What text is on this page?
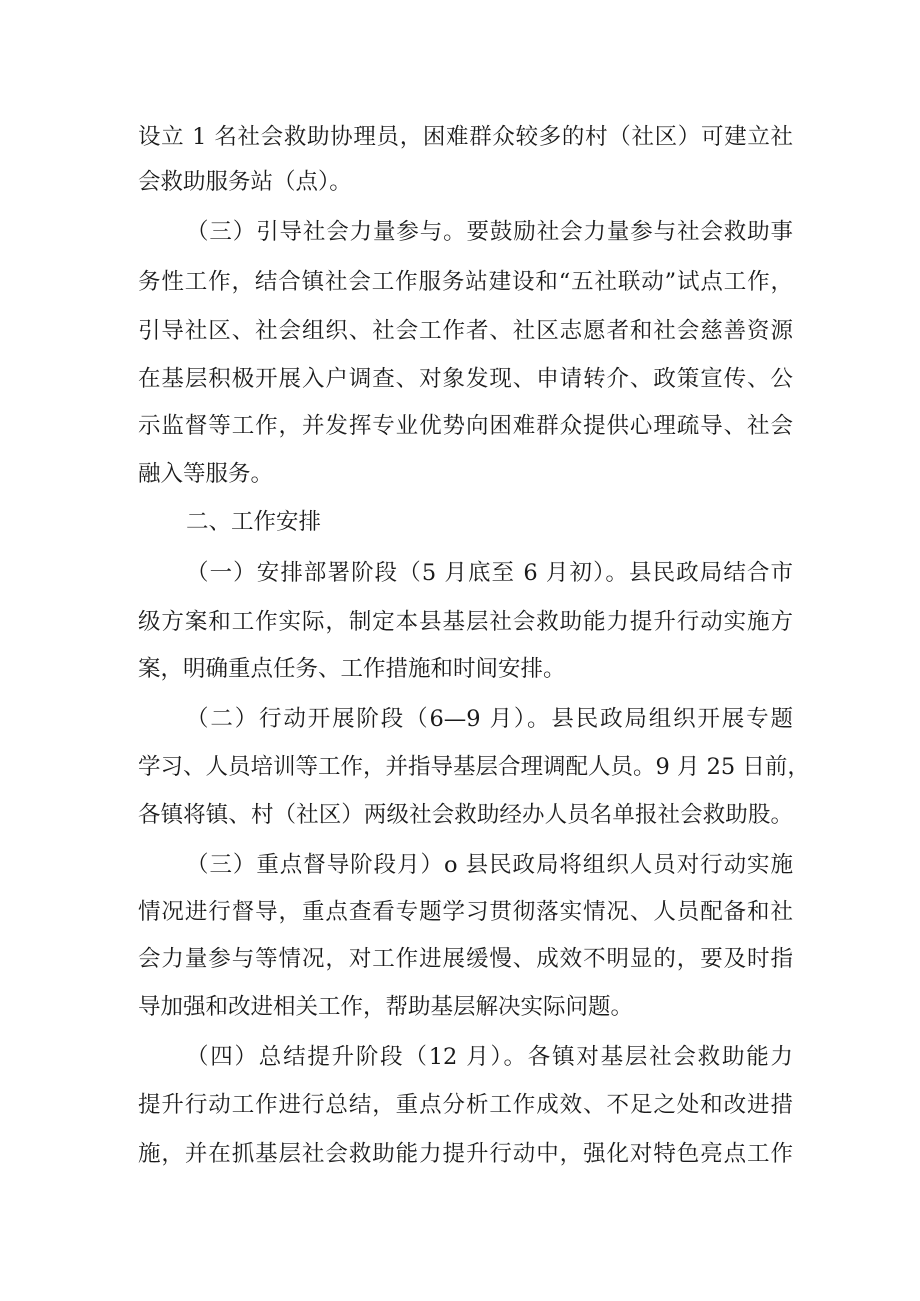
设立 1 名社会救助协理员，困难群众较多的村（社区）可建立社
会救助服务站（点）。
（三）引导社会力量参与。要鼓励社会力量参与社会救助事
务性工作，结合镇社会工作服务站建设和“五社联动”试点工作，
引导社区、社会组织、社会工作者、社区志愿者和社会慈善资源
在基层积极开展入户调查、对象发现、申请转介、政策宣传、公
示监督等工作，并发挥专业优势向困难群众提供心理疏导、社会
融入等服务。
二、工作安排
（一）安排部署阶段（5 月底至 6 月初）。县民政局结合市
级方案和工作实际，制定本县基层社会救助能力提升行动实施方
案，明确重点任务、工作措施和时间安排。
（二）行动开展阶段（6—9 月）。县民政局组织开展专题
学习、人员培训等工作，并指导基层合理调配人员。9 月 25 日前，
各镇将镇、村（社区）两级社会救助经办人员名单报社会救助股。
（三）重点督导阶段月）o 县民政局将组织人员对行动实施
情况进行督导，重点查看专题学习贯彻落实情况、人员配备和社
会力量参与等情况，对工作进展缓慢、成效不明显的，要及时指
导加强和改进相关工作，帮助基层解决实际问题。
（四）总结提升阶段（12 月）。各镇对基层社会救助能力
提升行动工作进行总结，重点分析工作成效、不足之处和改进措
施，并在抓基层社会救助能力提升行动中，强化对特色亮点工作
